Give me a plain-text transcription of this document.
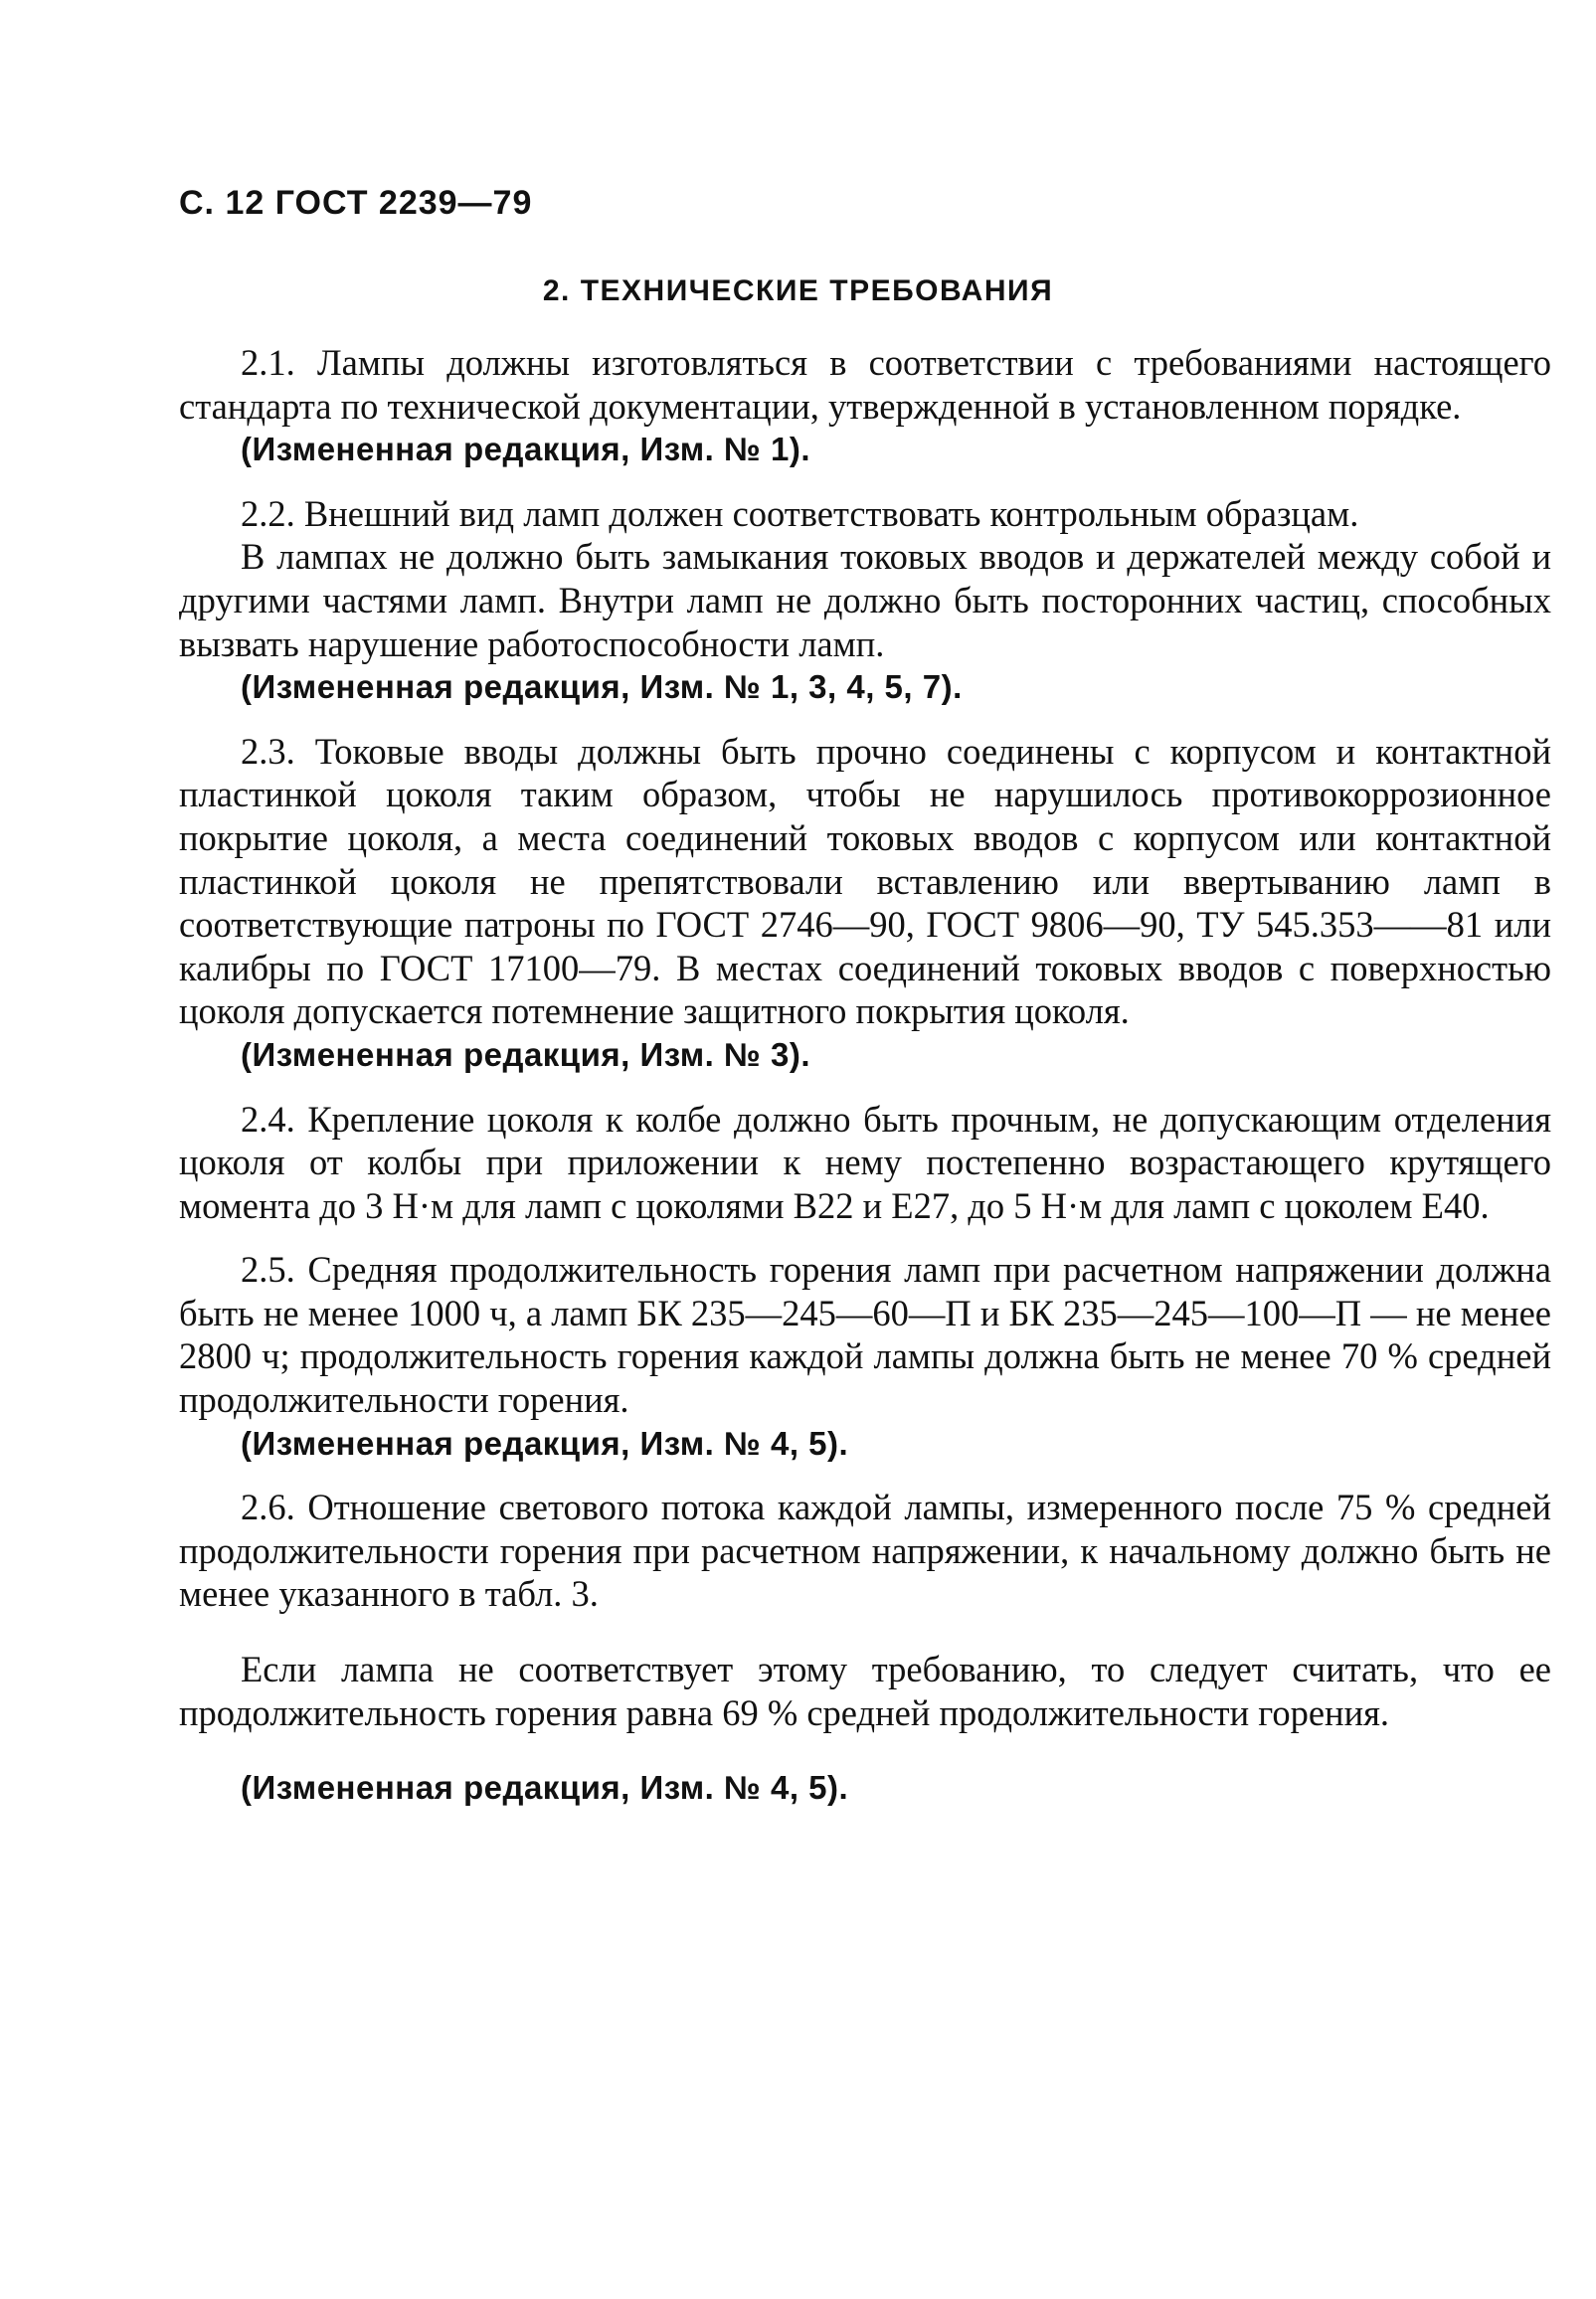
С. 12 ГОСТ 2239—79
2. ТЕХНИЧЕСКИЕ ТРЕБОВАНИЯ

2.1. Лампы должны изготовляться в соответствии с требованиями настоящего стандарта по технической документации, утвержденной в установленном порядке.

(Измененная редакция, Изм. № 1).

2.2. Внешний вид ламп должен соответствовать контрольным образцам.

В лампах не должно быть замыкания токовых вводов и держателей между собой и другими частями ламп. Внутри ламп не должно быть посторонних частиц, способных вызвать нарушение работоспособности ламп.

(Измененная редакция, Изм. № 1, 3, 4, 5, 7).

2.3. Токовые вводы должны быть прочно соединены с корпусом и контактной пластинкой цоколя таким образом, чтобы не нарушилось противокоррозионное покрытие цоколя, а места соединений токовых вводов с корпусом или контактной пластинкой цоколя не препятствовали вставлению или ввертыванию ламп в соответствующие патроны по ГОСТ 2746—90, ГОСТ 9806—90, ТУ 545.353——81 или калибры по ГОСТ 17100—79. В местах соединений токовых вводов с поверхностью цоколя допускается потемнение защитного покрытия цоколя.

(Измененная редакция, Изм. № 3).

2.4. Крепление цоколя к колбе должно быть прочным, не допускающим отделения цоколя от колбы при приложении к нему постепенно возрастающего крутящего момента до 3 Н·м для ламп с цоколями В22 и Е27, до 5 Н·м для ламп с цоколем Е40.

2.5. Средняя продолжительность горения ламп при расчетном напряжении должна быть не менее 1000 ч, а ламп БК 235—245—60—П и БК 235—245—100—П — не менее 2800 ч; продолжительность горения каждой лампы должна быть не менее 70 % средней продолжительности горения.

(Измененная редакция, Изм. № 4, 5).

2.6. Отношение светового потока каждой лампы, измеренного после 75 % средней продолжительности горения при расчетном напряжении, к начальному должно быть не менее указанного в табл. 3.

Если лампа не соответствует этому требованию, то следует считать, что ее продолжительность горения равна 69 % средней продолжительности горения.

(Измененная редакция, Изм. № 4, 5).
